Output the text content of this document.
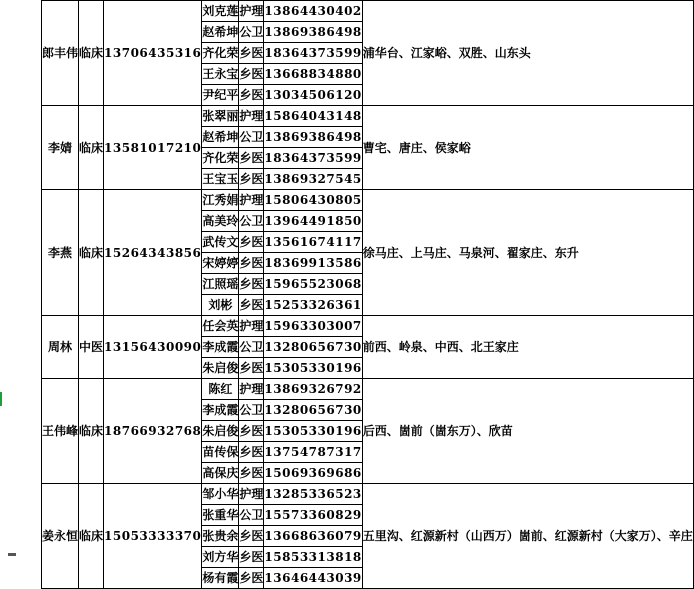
郎丰伟	临床	13706435316	刘克莲	护理	13864430402	浦华台、江家峪、双胜、山东头
			赵希坤	公卫	13869386498	
			齐化荣	乡医	18364373599	
			王永宝	乡医	13668834880	
			尹纪平	乡医	13034506120	
李婧	临床	13581017210	张翠丽	护理	15864043148	曹宅、唐庄、侯家峪
			赵希坤	公卫	13869386498	
			齐化荣	乡医	18364373599	
			王宝玉	乡医	13869327545	
李燕	临床	15264343856	江秀娟	护理	15806430805	徐马庄、上马庄、马泉河、翟家庄、东升
			高美玲	公卫	13964491850	
			武传文	乡医	13561674117	
			宋婷婷	乡医	18369913586	
			江照瑶	乡医	15965523068	
			刘彬	乡医	15253326361	
周林	中医	13156430090	任会英	护理	15963303007	前西、岭泉、中西、北王家庄
			李成霞	公卫	13280656730	
			朱启俊	乡医	15305330196	
王伟峰	临床	18766932768	陈红	护理	13869326792	后西、崮前（崮东万）、欣苗
			李成霞	公卫	13280656730	
			朱启俊	乡医	15305330196	
			苗传保	乡医	13754787317	
			高保庆	乡医	15069369686	
姜永恒	临床	15053333370	邹小华	护理	13285336523	五里沟、红源新村（山西万）崮前、红源新村（大家万）、辛庄
			张重华	公卫	15573360829	
			张贵余	乡医	13668636079	
			刘方华	乡医	15853313818	
			杨有霞	乡医	13646443039	
